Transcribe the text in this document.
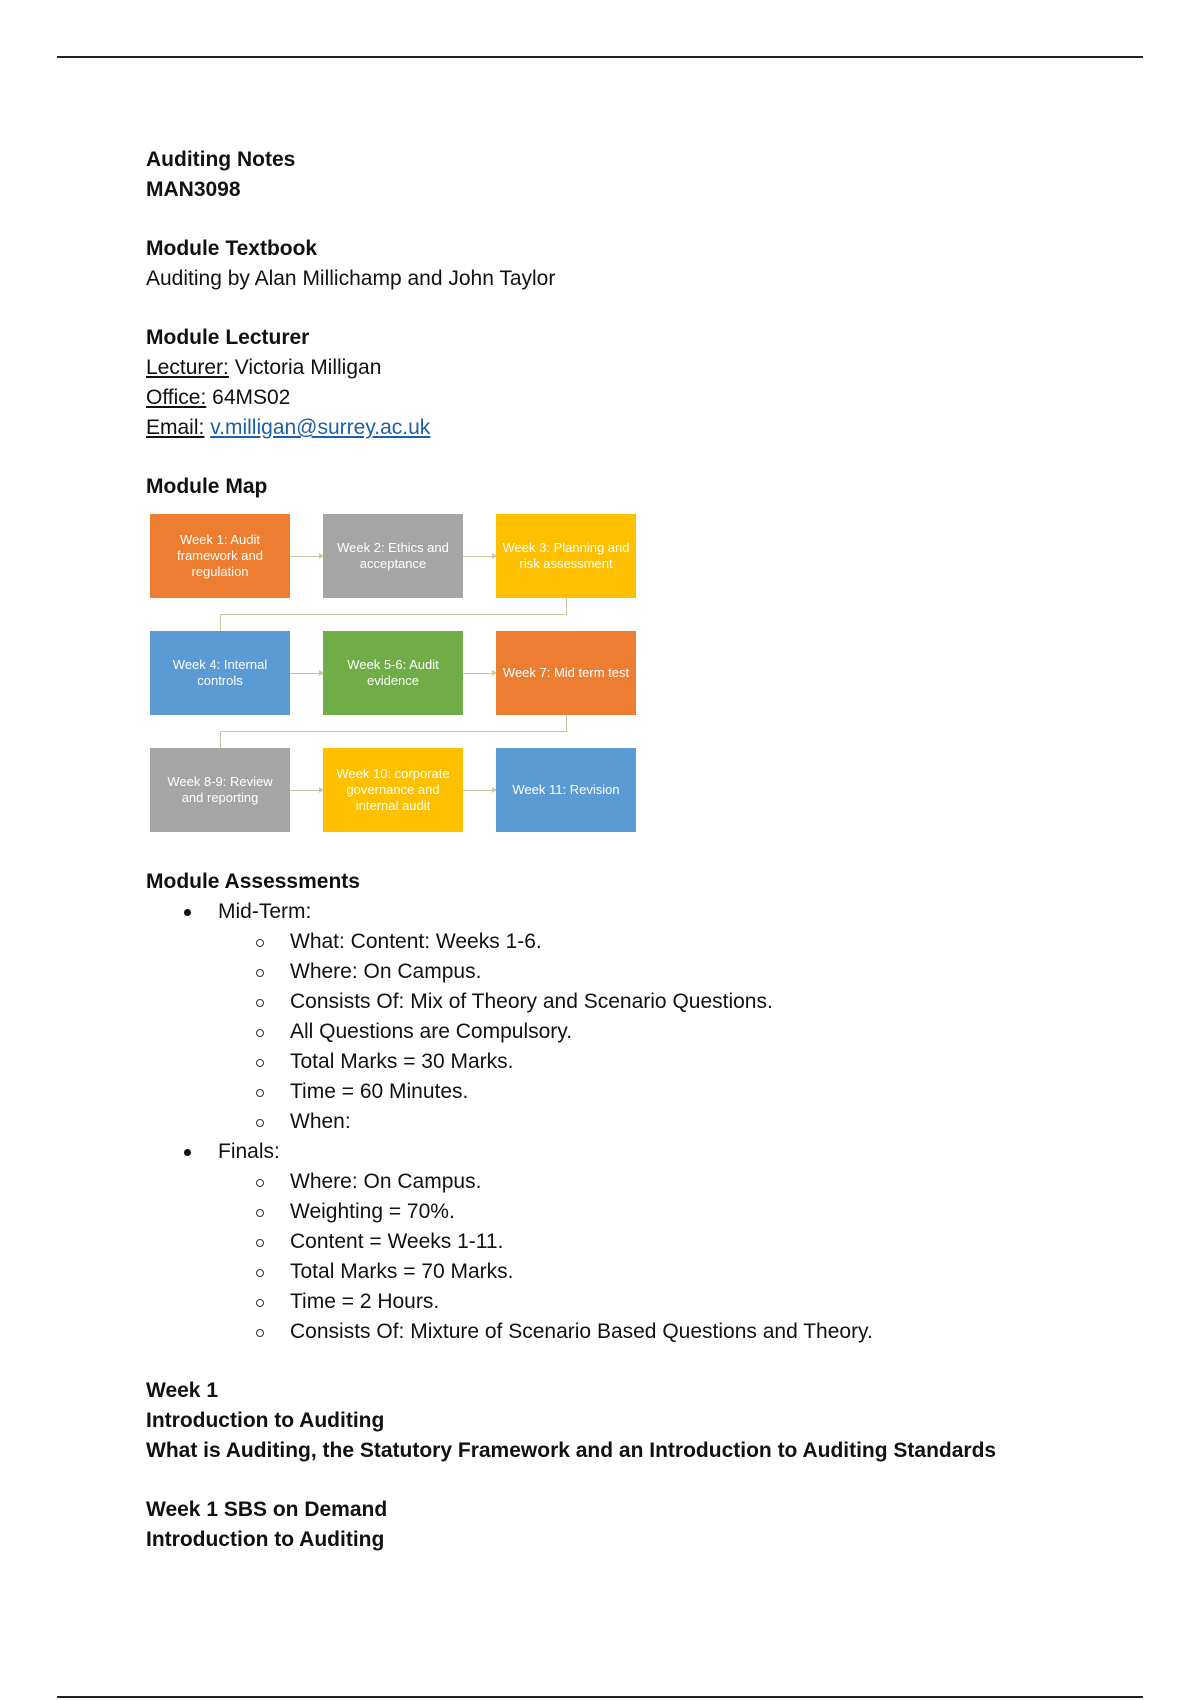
Auditing Notes
MAN3098
Module Textbook
Auditing by Alan Millichamp and John Taylor
Module Lecturer
Lecturer: Victoria Milligan
Office: 64MS02
Email: v.milligan@surrey.ac.uk
Module Map
Week 1: Audit framework and regulation
Week 2: Ethics and acceptance
Week 3: Planning and risk assessment
Week 4: Internal controls
Week 5-6: Audit evidence
Week 7: Mid term test
Week 8-9: Review and reporting
Week 10: corporate governance and internal audit
Week 11: Revision
Module Assessments
Mid-Term:
What: Content: Weeks 1-6.
Where: On Campus.
Consists Of: Mix of Theory and Scenario Questions.
All Questions are Compulsory.
Total Marks = 30 Marks.
Time = 60 Minutes.
When:
Finals:
Where: On Campus.
Weighting = 70%.
Content = Weeks 1-11.
Total Marks = 70 Marks.
Time = 2 Hours.
Consists Of: Mixture of Scenario Based Questions and Theory.
Week 1
Introduction to Auditing
What is Auditing, the Statutory Framework and an Introduction to Auditing Standards
Week 1 SBS on Demand
Introduction to Auditing
